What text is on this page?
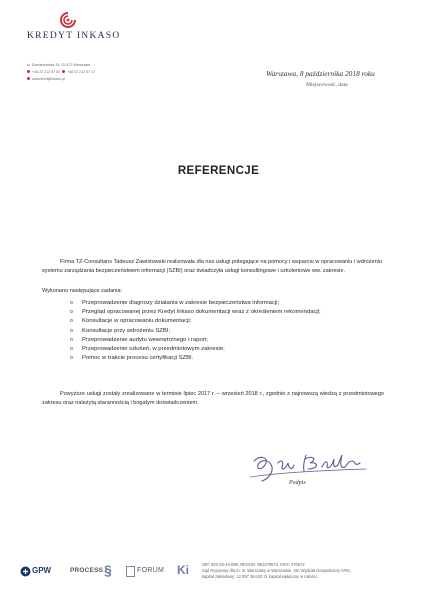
KREDYT INKASO
ul. Domaniewska 39, 02-672 Warszawa
+48 22 212 57 00 +48 22 212 57 17
www.kredytinkaso.pl
Warszawa, 8 października 2018 roku
Miejscowość, data
REFERENCJE
Firma TZ-Consultans Tadeusz Zawistowski realizowała dla nas usługi polegające na pomocy i wsparciu w opracowaniu i wdrożeniu systemu zarządzania bezpieczeństwem informacji (SZBI) oraz świadczyła usługi konsultingowe i szkoleniowe ww. zakresie.
Wykonano następujące zadania:
o Przeprowadzenie diagnozy działania w zakresie bezpieczeństwa informacji;
o Przegląd opracowanej przez Kredyt Inkaso dokumentacji wraz z określeniem rekomendacji;
o Konsultacje w opracowaniu dokumentacji;
o Konsultacje przy wdrożeniu SZBI;
o Przeprowadzenie audytu wewnętrznego i raport;
o Przeprowadzenie szkoleń, w przedmiotowym zakresie;
o Pomoc w trakcie procesu certyfikacji SZBI.
Powyższe usługi zostały zrealizowane w terminie lipiec 2017 r. – wrzesień 2018 r., zgodnie z najnowszą wiedzą z przedmiotowego zakresu oraz należytą starannością i bogatym doświadczeniem.
Podpis
GPW	PROCESS §	FORUM Ki	NIP: 922-25-44-099, REGON: 951078572, KRS: 270672
Sąd Rejonowy dla m. st. Warszawy w Warszawie, XIII Wydział Gospodarczy KRS,
kapitał zakładowy: 12 897 364,00 zł, kapitał wpłacony w całości.
